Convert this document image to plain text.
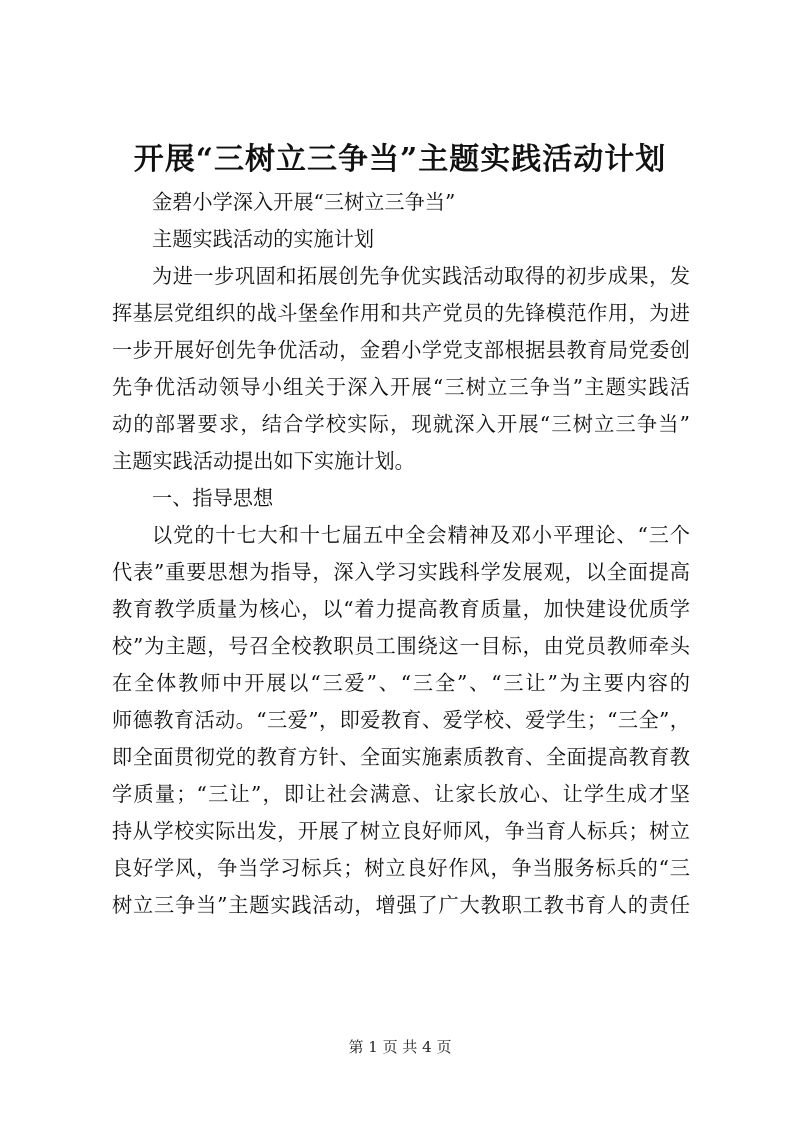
开展“三树立三争当”主题实践活动计划
金碧小学深入开展“三树立三争当”
主题实践活动的实施计划
为进一步巩固和拓展创先争优实践活动取得的初步成果，发
挥基层党组织的战斗堡垒作用和共产党员的先锋模范作用，为进
一步开展好创先争优活动，金碧小学党支部根据县教育局党委创
先争优活动领导小组关于深入开展“三树立三争当”主题实践活
动的部署要求，结合学校实际，现就深入开展“三树立三争当”
主题实践活动提出如下实施计划。
一、指导思想
以党的十七大和十七届五中全会精神及邓小平理论、“三个
代表”重要思想为指导，深入学习实践科学发展观，以全面提高
教育教学质量为核心，以“着力提高教育质量，加快建设优质学
校”为主题，号召全校教职员工围绕这一目标，由党员教师牵头
在全体教师中开展以“三爱”、“三全”、“三让”为主要内容的
师德教育活动。“三爱”，即爱教育、爱学校、爱学生；“三全”，
即全面贯彻党的教育方针、全面实施素质教育、全面提高教育教
学质量；“三让”，即让社会满意、让家长放心、让学生成才坚
持从学校实际出发，开展了树立良好师风，争当育人标兵；树立
良好学风，争当学习标兵；树立良好作风，争当服务标兵的“三
树立三争当”主题实践活动，增强了广大教职工教书育人的责任
第 1 页 共 4 页
